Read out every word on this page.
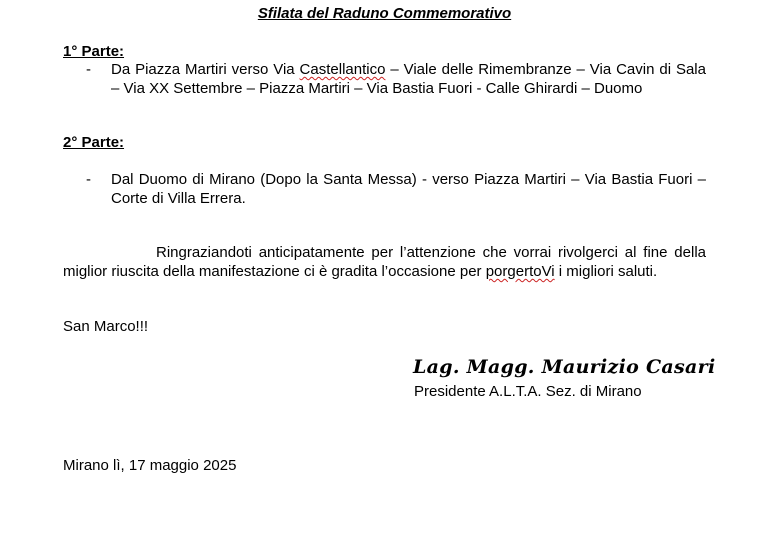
Sfilata del Raduno Commemorativo
1° Parte:
- Da Piazza Martiri verso Via Castellantico – Viale delle Rimembranze – Via Cavin di Sala – Via XX Settembre – Piazza Martiri – Via Bastia Fuori - Calle Ghirardi – Duomo

2° Parte:
- Dal Duomo di Mirano (Dopo la Santa Messa) - verso Piazza Martiri – Via Bastia Fuori – Corte di Villa Errera.

Ringraziandoti anticipatamente per l’attenzione che vorrai rivolgerci al fine della miglior riuscita della manifestazione ci è gradita l’occasione per porgertoVi i migliori saluti.

San Marco!!!
Lag. Magg. Maurizio Casari
Presidente A.L.T.A. Sez. di Mirano
Mirano lì, 17 maggio 2025
